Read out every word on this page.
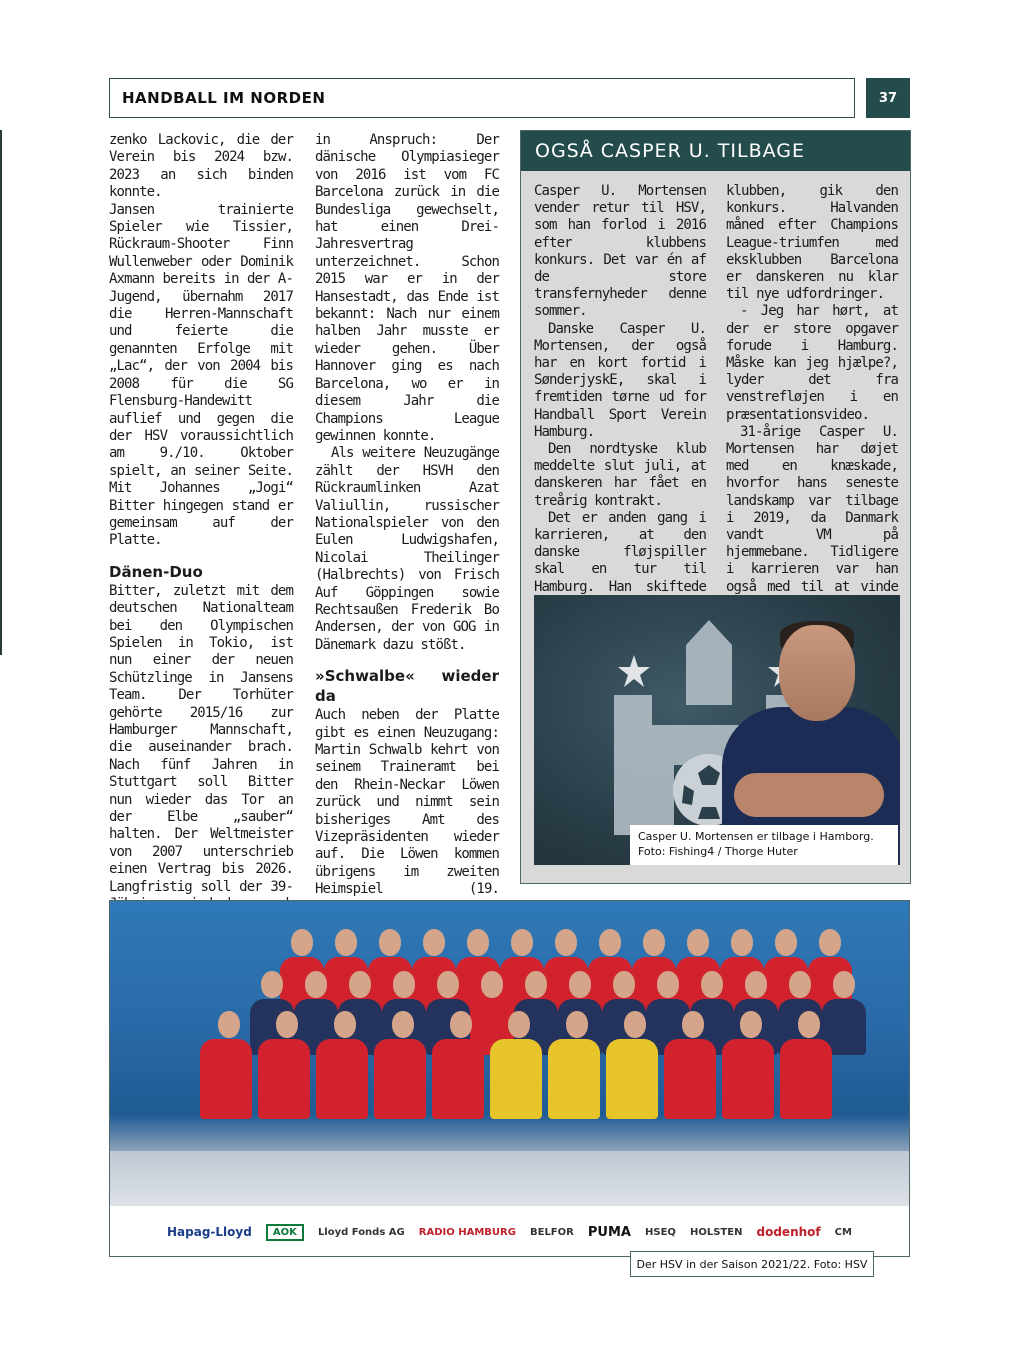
HANDBALL IM NORDEN	37

zenko Lackovic, die der Verein bis 2024 bzw. 2023 an sich binden konnte.

Jansen trainierte Spieler wie Tissier, Rückraum-Shooter Finn Wullenweber oder Dominik Axmann bereits in der A-Jugend, übernahm 2017 die Herren-Mannschaft und feierte die genannten Erfolge mit „Lac“, der von 2004 bis 2008 für die SG Flensburg-Handewitt auflief und gegen die der HSV voraussichtlich am 9./10. Oktober spielt, an seiner Seite. Mit Johannes „Jogi“ Bitter hingegen stand er gemeinsam auf der Platte.

Dänen-Duo

Bitter, zuletzt mit dem deutschen Nationalteam bei den Olympischen Spielen in Tokio, ist nun einer der neuen Schützlinge in Jansens Team. Der Torhüter gehörte 2015/16 zur Hamburger Mannschaft, die auseinander brach. Nach fünf Jahren in Stuttgart soll Bitter nun wieder das Tor an der Elbe „sauber“ halten. Der Weltmeister von 2007 unterschrieb einen Vertrag bis 2026. Langfristig soll der 39-

in Anspruch: Der dänische Olympiasieger von 2016 ist vom FC Barcelona zurück in die Bundesliga gewechselt, hat einen Drei-Jahresvertrag unterzeichnet. Schon 2015 war er in der Hansestadt, das Ende ist bekannt: Nach nur einem halben Jahr musste er wieder gehen. Über Hannover ging es nach Barcelona, wo er in diesem Jahr die Champions League gewinnen konnte.

Als weitere Neuzugänge zählt der HSVH den Rückraumlinken Azat Valiullin, russischer Nationalspieler von den Eulen Ludwigshafen, Nicolai Theilinger (Halbrechts) von Frisch Auf Göppingen sowie Rechtsaußen Frederik Bo Andersen, der von GOG in Dänemark dazu stößt.

»Schwalbe« wieder da

Auch neben der Platte gibt es einen Neuzugang: Martin Schwalb kehrt von seinem Traineramt bei den Rhein-Neckar Löwen zurück und nimmt sein bisheriges Amt des Vizepräsidenten wieder auf. Die Löwen kommen übrigens im zweiten Heimspiel (19.

OGSÅ CASPER U. TILBAGE

Casper U. Mortensen vender retur til HSV, som han forlod i 2016 efter klubbens konkurs. Det var én af de store transfernyheder denne sommer.

Danske Casper U. Mortensen, der også har en kort fortid i SønderjyskE, skal i fremtiden tørne ud for Handball Sport Verein Hamburg.

Den nordtyske klub meddelte slut juli, at danskeren har fået en treårig kontrakt.

Det er anden gang i karrieren, at den danske fløjspiller skal en tur til Hamburg. Han skiftede

klubben, gik den konkurs. Halvanden måned efter Champions League-triumfen med eksklubben Barcelona er danskeren nu klar til nye udfordringer.

- Jeg har hørt, at der er store opgaver forude i Hamburg. Måske kan jeg hjælpe?, lyder det fra venstrefløjen i en præsentationsvideo.

31-årige Casper U. Mortensen har døjet med en knæskade, hvorfor hans seneste landskamp var tilbage i 2019, da Danmark vandt VM på hjemmebane. Tidligere i karrieren var han også med til at vinde

Casper U. Mortensen er tilbage i Hamborg.
Foto: Fishing4 / Thorge Huter
Hapag-Lloyd	AOK	Lloyd Fonds AG RADIO HAMBURG BELFOR PUMA HSEQ HOLSTEN dodenhof CM
Der HSV in der Saison 2021/22. Foto: HSV
